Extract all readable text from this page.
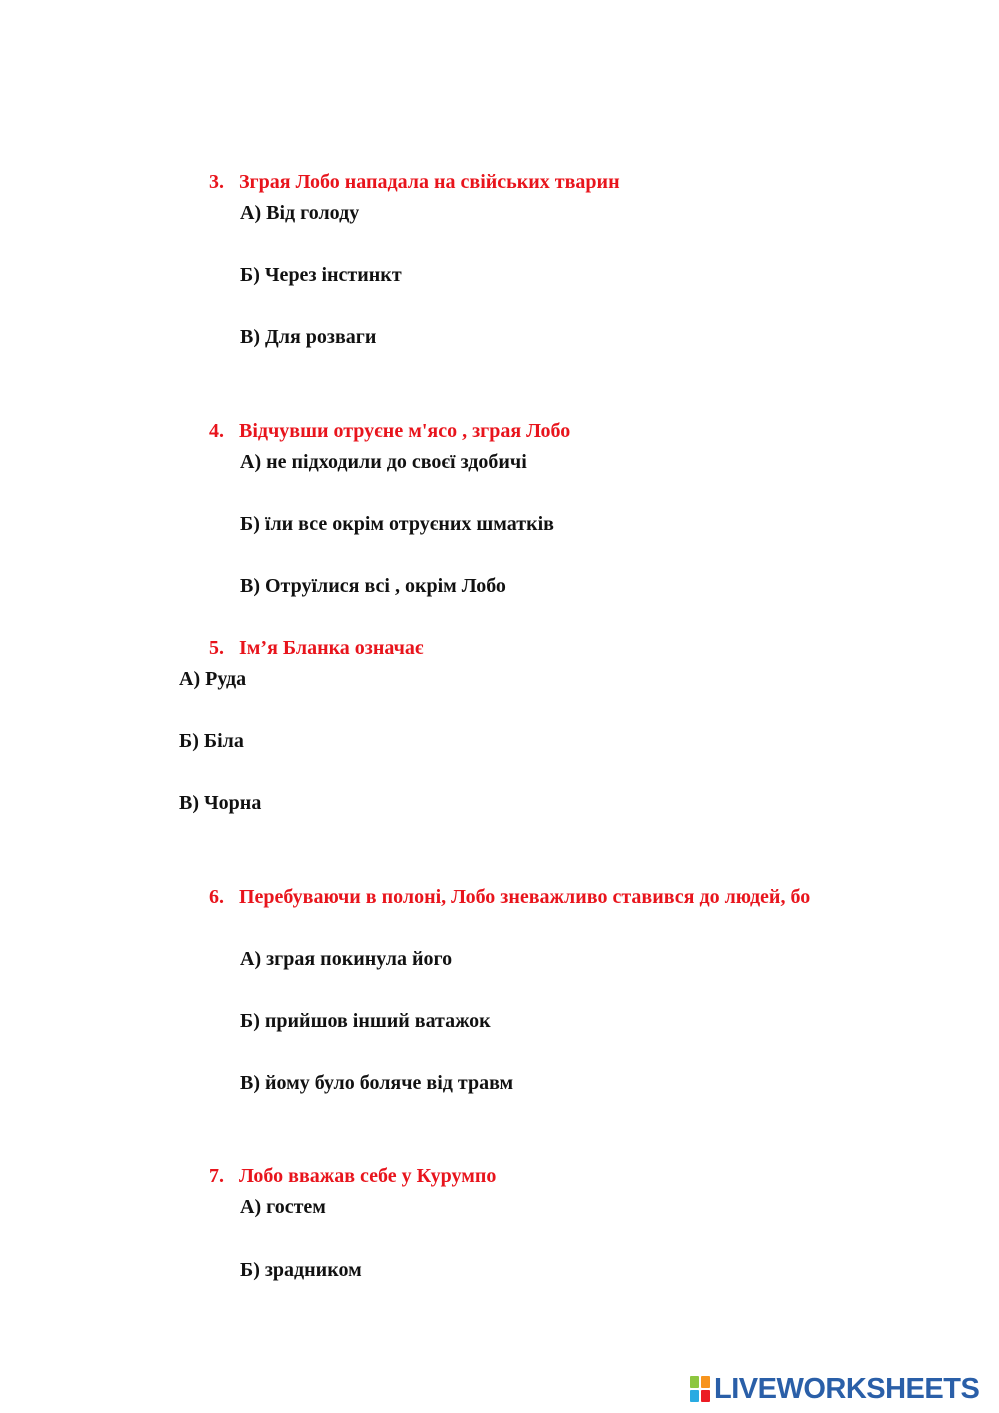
3. Зграя Лобо нападала на свійських тварин
А) Від голоду
Б) Через інстинкт
В) Для розваги
4. Відчувши отруєне м'ясо , зграя Лобо
А) не підходили до своєї здобичі
Б) їли все окрім отруєних шматків
В) Отруїлися всі , окрім Лобо
5. Ім’я Бланка означає
А) Руда
Б) Біла
В) Чорна
6. Перебуваючи в полоні, Лобо зневажливо ставився до людей, бо
А) зграя покинула його
Б) прийшов інший ватажок
В) йому було боляче від травм
7. Лобо вважав себе у Курумпо
А) гостем
Б) зрадником
LIVEWORKSHEETS
